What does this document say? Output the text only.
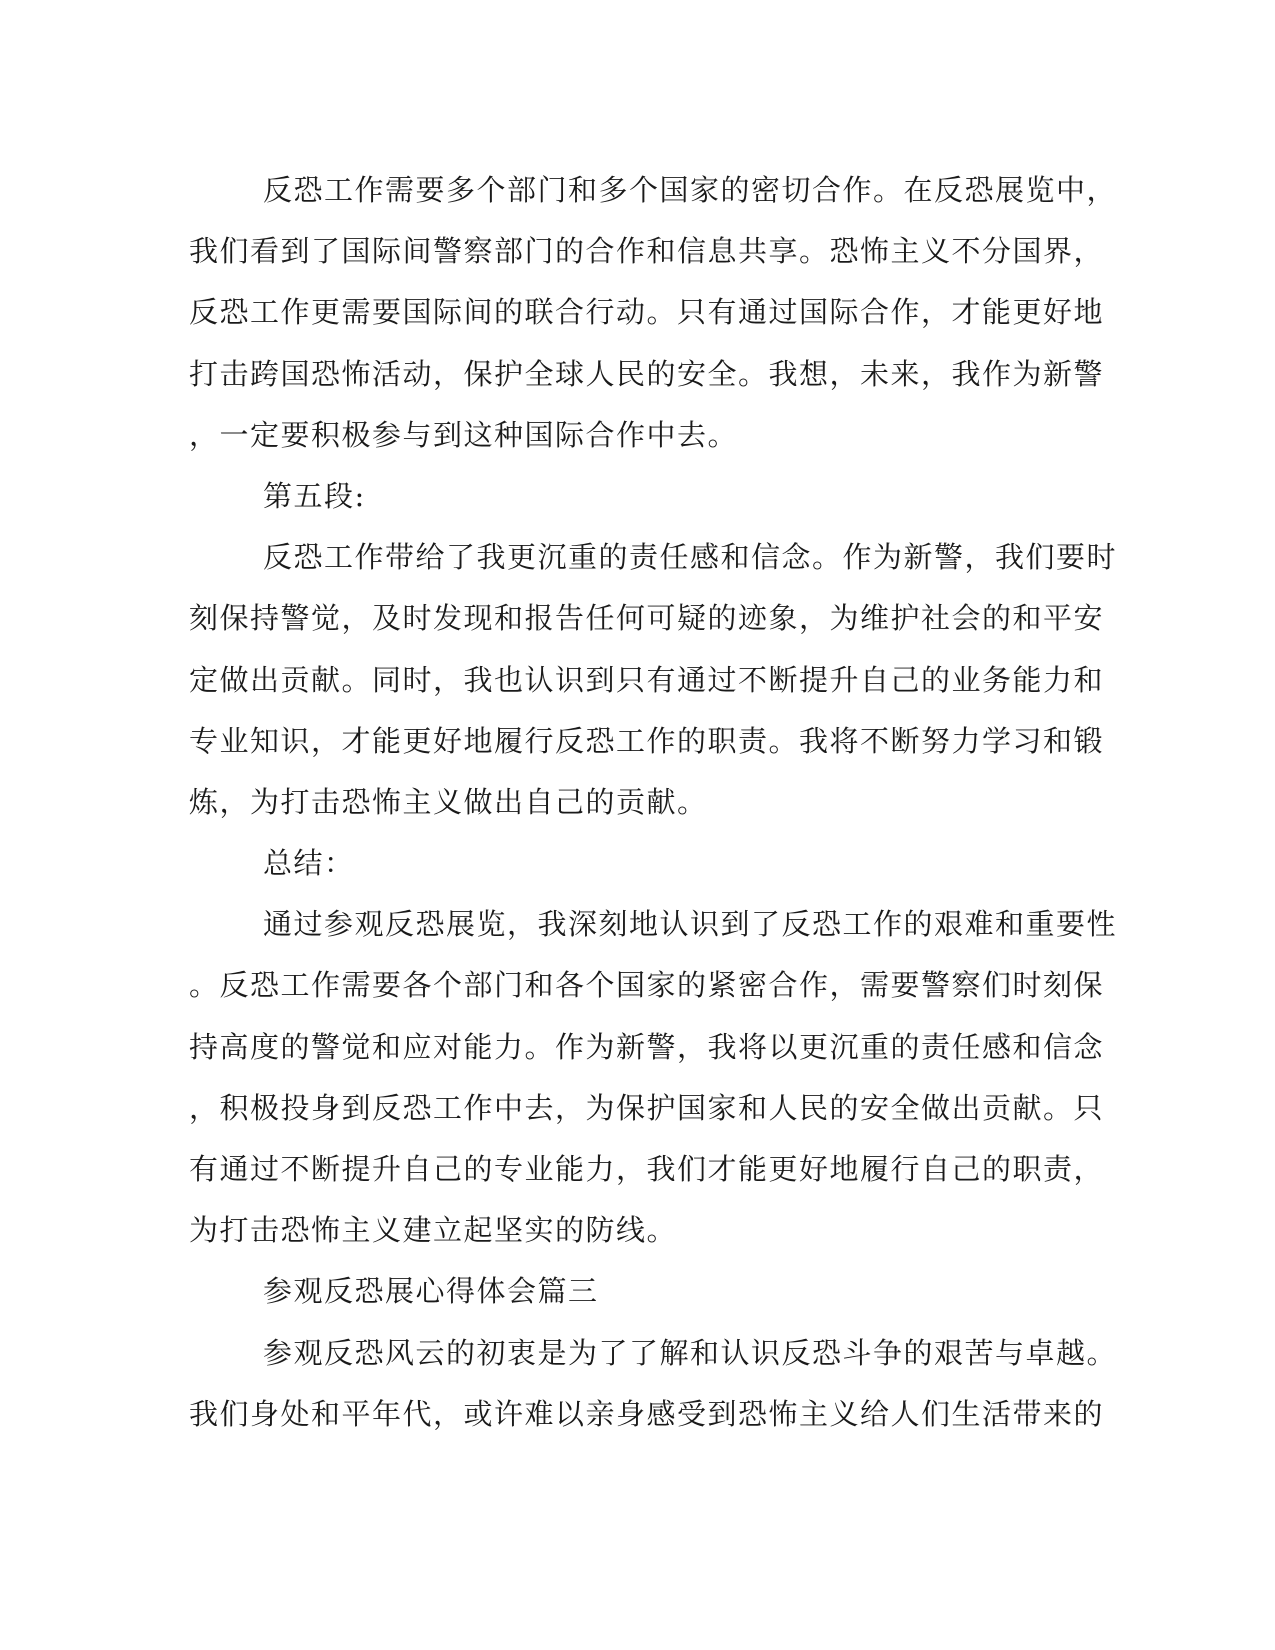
反恐工作需要多个部门和多个国家的密切合作。在反恐展览中，
我们看到了国际间警察部门的合作和信息共享。恐怖主义不分国界，
反恐工作更需要国际间的联合行动。只有通过国际合作，才能更好地
打击跨国恐怖活动，保护全球人民的安全。我想，未来，我作为新警
，一定要积极参与到这种国际合作中去。
第五段:
反恐工作带给了我更沉重的责任感和信念。作为新警，我们要时
刻保持警觉，及时发现和报告任何可疑的迹象，为维护社会的和平安
定做出贡献。同时，我也认识到只有通过不断提升自己的业务能力和
专业知识，才能更好地履行反恐工作的职责。我将不断努力学习和锻
炼，为打击恐怖主义做出自己的贡献。
总结：
通过参观反恐展览，我深刻地认识到了反恐工作的艰难和重要性
。反恐工作需要各个部门和各个国家的紧密合作，需要警察们时刻保
持高度的警觉和应对能力。作为新警，我将以更沉重的责任感和信念
，积极投身到反恐工作中去，为保护国家和人民的安全做出贡献。只
有通过不断提升自己的专业能力，我们才能更好地履行自己的职责，
为打击恐怖主义建立起坚实的防线。
参观反恐展心得体会篇三
参观反恐风云的初衷是为了了解和认识反恐斗争的艰苦与卓越。
我们身处和平年代，或许难以亲身感受到恐怖主义给人们生活带来的
